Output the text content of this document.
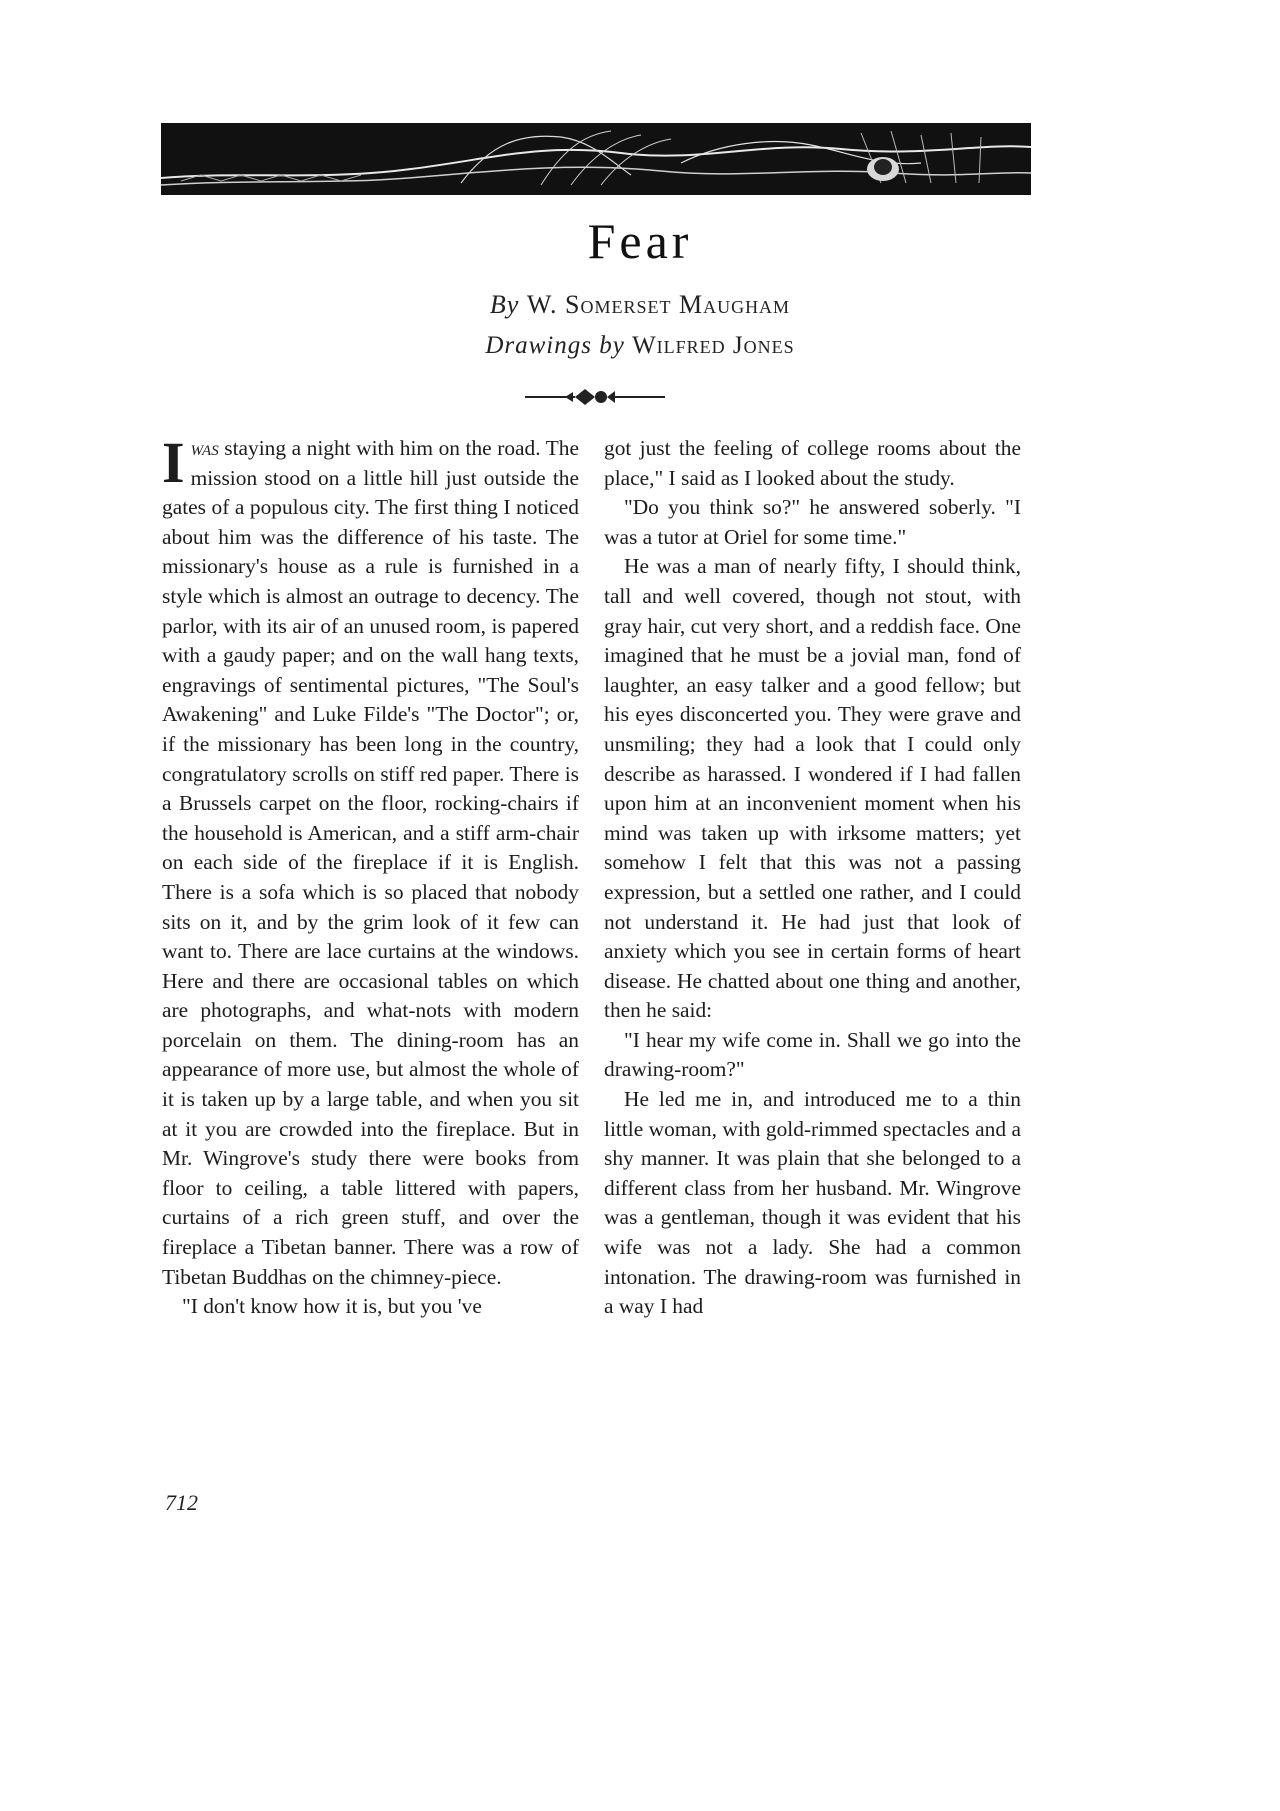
Fear
By W. Somerset Maugham
Drawings by Wilfred Jones

Iwas staying a night with him on the road. The mission stood on a little hill just outside the gates of a populous city. The first thing I noticed about him was the difference of his taste. The missionary's house as a rule is furnished in a style which is almost an outrage to decency. The parlor, with its air of an unused room, is papered with a gaudy paper; and on the wall hang texts, engravings of sentimental pictures, "The Soul's Awakening" and Luke Filde's "The Doctor"; or, if the missionary has been long in the country, congratulatory scrolls on stiff red paper. There is a Brussels carpet on the floor, rocking-chairs if the household is American, and a stiff arm-chair on each side of the fireplace if it is English. There is a sofa which is so placed that nobody sits on it, and by the grim look of it few can want to. There are lace curtains at the windows. Here and there are occasional tables on which are photographs, and what-nots with modern porcelain on them. The dining-room has an appearance of more use, but almost the whole of it is taken up by a large table, and when you sit at it you are crowded into the fireplace. But in Mr. Wingrove's study there were books from floor to ceiling, a table littered with papers, curtains of a rich green stuff, and over the fireplace a Tibetan banner. There was a row of Tibetan Buddhas on the chimney-piece.

"I don't know how it is, but you 've

got just the feeling of college rooms about the place," I said as I looked about the study.

"Do you think so?" he answered soberly. "I was a tutor at Oriel for some time."

He was a man of nearly fifty, I should think, tall and well covered, though not stout, with gray hair, cut very short, and a reddish face. One imagined that he must be a jovial man, fond of laughter, an easy talker and a good fellow; but his eyes disconcerted you. They were grave and unsmiling; they had a look that I could only describe as harassed. I wondered if I had fallen upon him at an inconvenient moment when his mind was taken up with irksome matters; yet somehow I felt that this was not a passing expression, but a settled one rather, and I could not understand it. He had just that look of anxiety which you see in certain forms of heart disease. He chatted about one thing and another, then he said:

"I hear my wife come in. Shall we go into the drawing-room?"

He led me in, and introduced me to a thin little woman, with gold-rimmed spectacles and a shy manner. It was plain that she belonged to a different class from her husband. Mr. Wingrove was a gentleman, though it was evident that his wife was not a lady. She had a common intonation. The drawing-room was furnished in a way I had

712
